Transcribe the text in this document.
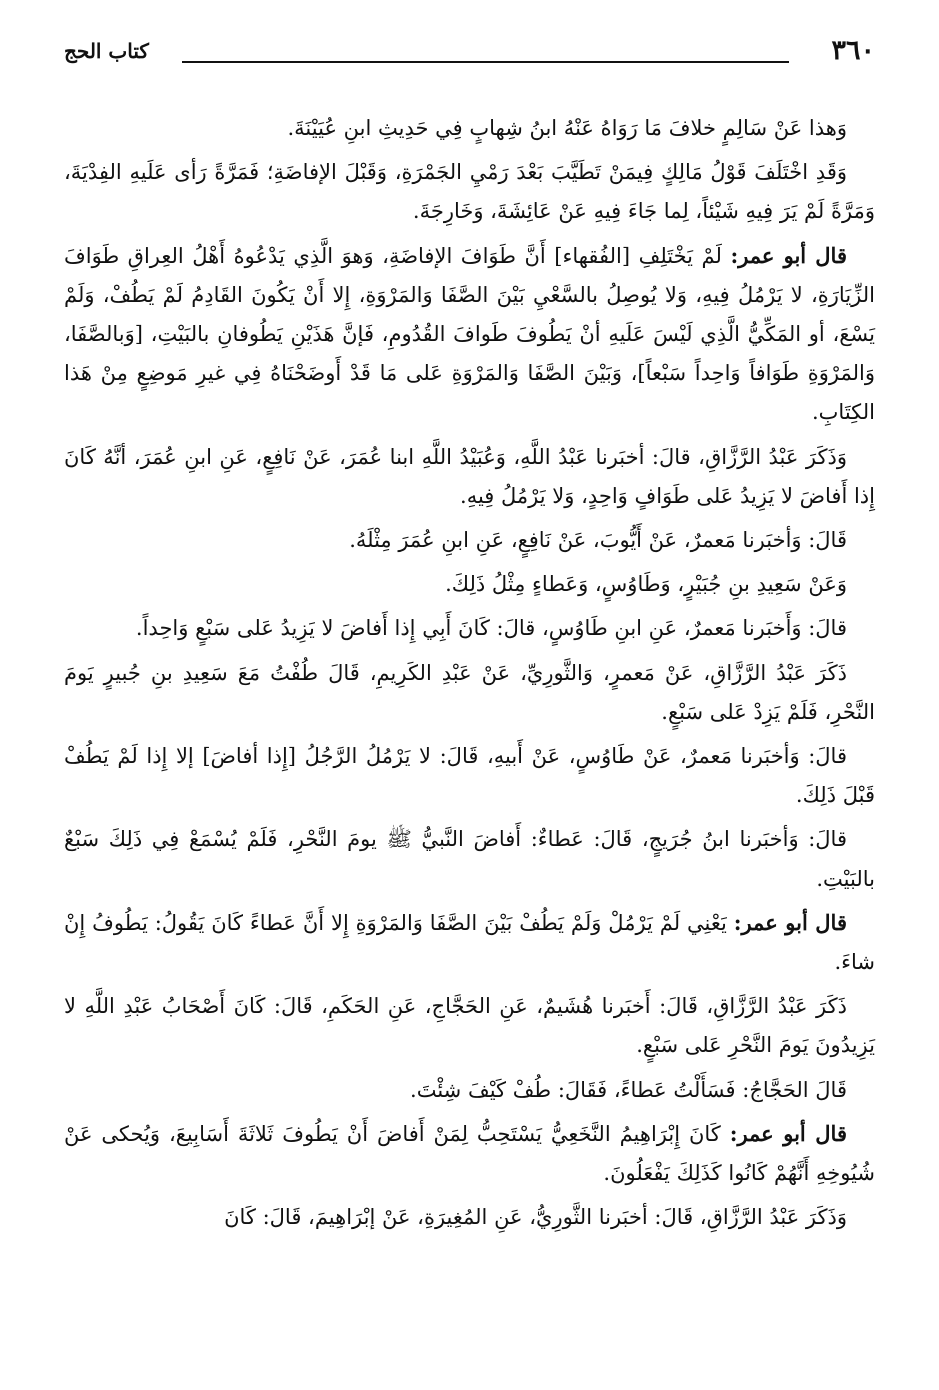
٣٦٠
كتاب الحج

وَهذا عَنْ سَالِمٍ خلافَ مَا رَوَاهُ عَنْهُ ابنُ شِهابٍ فِي حَدِيثِ ابنِ عُيَيْنَةَ.

وَقَدِ اخْتَلَفَ قَوْلُ مَالِكٍ فِيمَنْ تَطَيَّبَ بَعْدَ رَمْيِ الجَمْرَةِ، وَقَبْلَ الإفاضَةِ؛ فَمَرَّةً رَأى عَلَيهِ الفِدْيَةَ، وَمَرَّةً لَمْ يَرَ فِيهِ شَيْئاً، لِما جَاءَ فِيهِ عَنْ عَائِشَةَ، وَخَارِجَةَ.

قال أبو عمر: لَمْ يَخْتَلِفِ [الفُقهاء] أَنَّ طَوَافَ الإفاضَةِ، وَهوَ الَّذِي يَدْعُوهُ أَهْلُ العِراقِ طَوَافَ الزِّيَارَةِ، لا يَرْمُلُ فِيهِ، وَلا يُوصِلُ بالسَّعْيِ بَيْنَ الصَّفَا وَالمَرْوَةِ، إِلا أَنْ يَكُونَ القَادِمُ لَمْ يَطُفْ، وَلَمْ يَسْعَ، أو المَكِّيُّ الَّذِي لَيْسَ عَلَيهِ أنْ يَطُوفَ طَوافَ القُدُومِ، فَإنَّ هَذَيْنِ يَطُوفانِ بالبَيْتِ، [وَبالصَّفَا، وَالمَرْوَةِ طَوَافاً وَاحِداً سَبْعاً]، وَبَيْنَ الصَّفَا وَالمَرْوَةِ عَلى مَا قَدْ أَوضَحْنَاهُ فِي غيرِ مَوضِعٍ مِنْ هَذا الكِتَابِ.

وَذَكَرَ عَبْدُ الرَّزَّاقِ، قالَ: أخبَرنا عَبْدُ اللَّهِ، وَعُبَيْدُ اللَّهِ ابنا عُمَرَ، عَنْ نَافِعٍ، عَنِ ابنِ عُمَرَ، أنَّهُ كَانَ إِذا أَفاضَ لا يَزِيدُ عَلى طَوَافٍ وَاحِدٍ، وَلا يَرْمُلُ فِيهِ.

قَالَ: وَأخبَرنا مَعمرٌ، عَنْ أَيُّوبَ، عَنْ نَافِعٍ، عَنِ ابنِ عُمَرَ مِثْلَهُ.

وَعَنْ سَعِيدِ بنِ جُبَيْرٍ، وَطَاوُسٍ، وَعَطاءٍ مِثْلُ ذَلِكَ.

قالَ: وَأَخبَرنا مَعمرٌ، عَنِ ابنِ طَاوُسٍ، قالَ: كَانَ أَبِي إِذا أَفاضَ لا يَزِيدُ عَلى سَبْعٍ وَاحِداً.

ذَكَرَ عَبْدُ الرَّزَّاقِ، عَنْ مَعمرٍ، وَالثَّورِيِّ، عَنْ عَبْدِ الكَرِيمِ، قَالَ طُفْتُ مَعَ سَعِيدِ بنِ جُبيرٍ يَومَ النَّحْرِ، فَلَمْ يَزِدْ عَلى سَبْعٍ.

قالَ: وَأخبَرنا مَعمرٌ، عَنْ طَاوُسٍ، عَنْ أَبيهِ، قَالَ: لا يَرْمُلُ الرَّجُلُ [إِذا أفاضَ] إلا إِذا لَمْ يَطُفْ قَبْلَ ذَلِكَ.

قالَ: وَأخبَرنا ابنُ جُرَيجٍ، قَالَ: عَطاءٌ: أَفاضَ النَّبيُّ ﷺ يومَ النَّحْرِ، فَلَمْ يُسْمَعْ فِي ذَلِكَ سَبْعٌ بالبَيْتِ.

قال أبو عمر: يَعْنِي لَمْ يَرْمُلْ وَلَمْ يَطُفْ بَيْنَ الصَّفَا وَالمَرْوَةِ إِلا أَنَّ عَطاءً كَانَ يَقُولُ: يَطُوفُ إِنْ شاءَ.

ذَكَرَ عَبْدُ الرَّزَّاقِ، قَالَ: أَخبَرنا هُشَيمٌ، عَنِ الحَجَّاجِ، عَنِ الحَكَمِ، قَالَ: كَانَ أَصْحَابُ عَبْدِ اللَّهِ لا يَزِيدُونَ يَومَ النَّحْرِ عَلى سَبْعٍ.

قَالَ الحَجَّاجُ: فَسَأَلْتُ عَطاءً، فَقَالَ: طُفْ كَيْفَ شِئْتَ.

قال أبو عمر: كَانَ إِبْرَاهِيمُ النَّخَعِيُّ يَسْتَحِبُّ لِمَنْ أَفاضَ أَنْ يَطُوفَ ثَلاثَةَ أَسَابِيعَ، وَيُحكى عَنْ شُيُوخِهِ أَنَّهُمْ كَانُوا كَذَلِكَ يَفْعَلُونَ.

وَذَكَرَ عَبْدُ الرَّزَّاقِ، قَالَ: أخبَرنا الثَّورِيُّ، عَنِ المُغِيرَةِ، عَنْ إبْرَاهِيمَ، قَالَ: كَانَ
